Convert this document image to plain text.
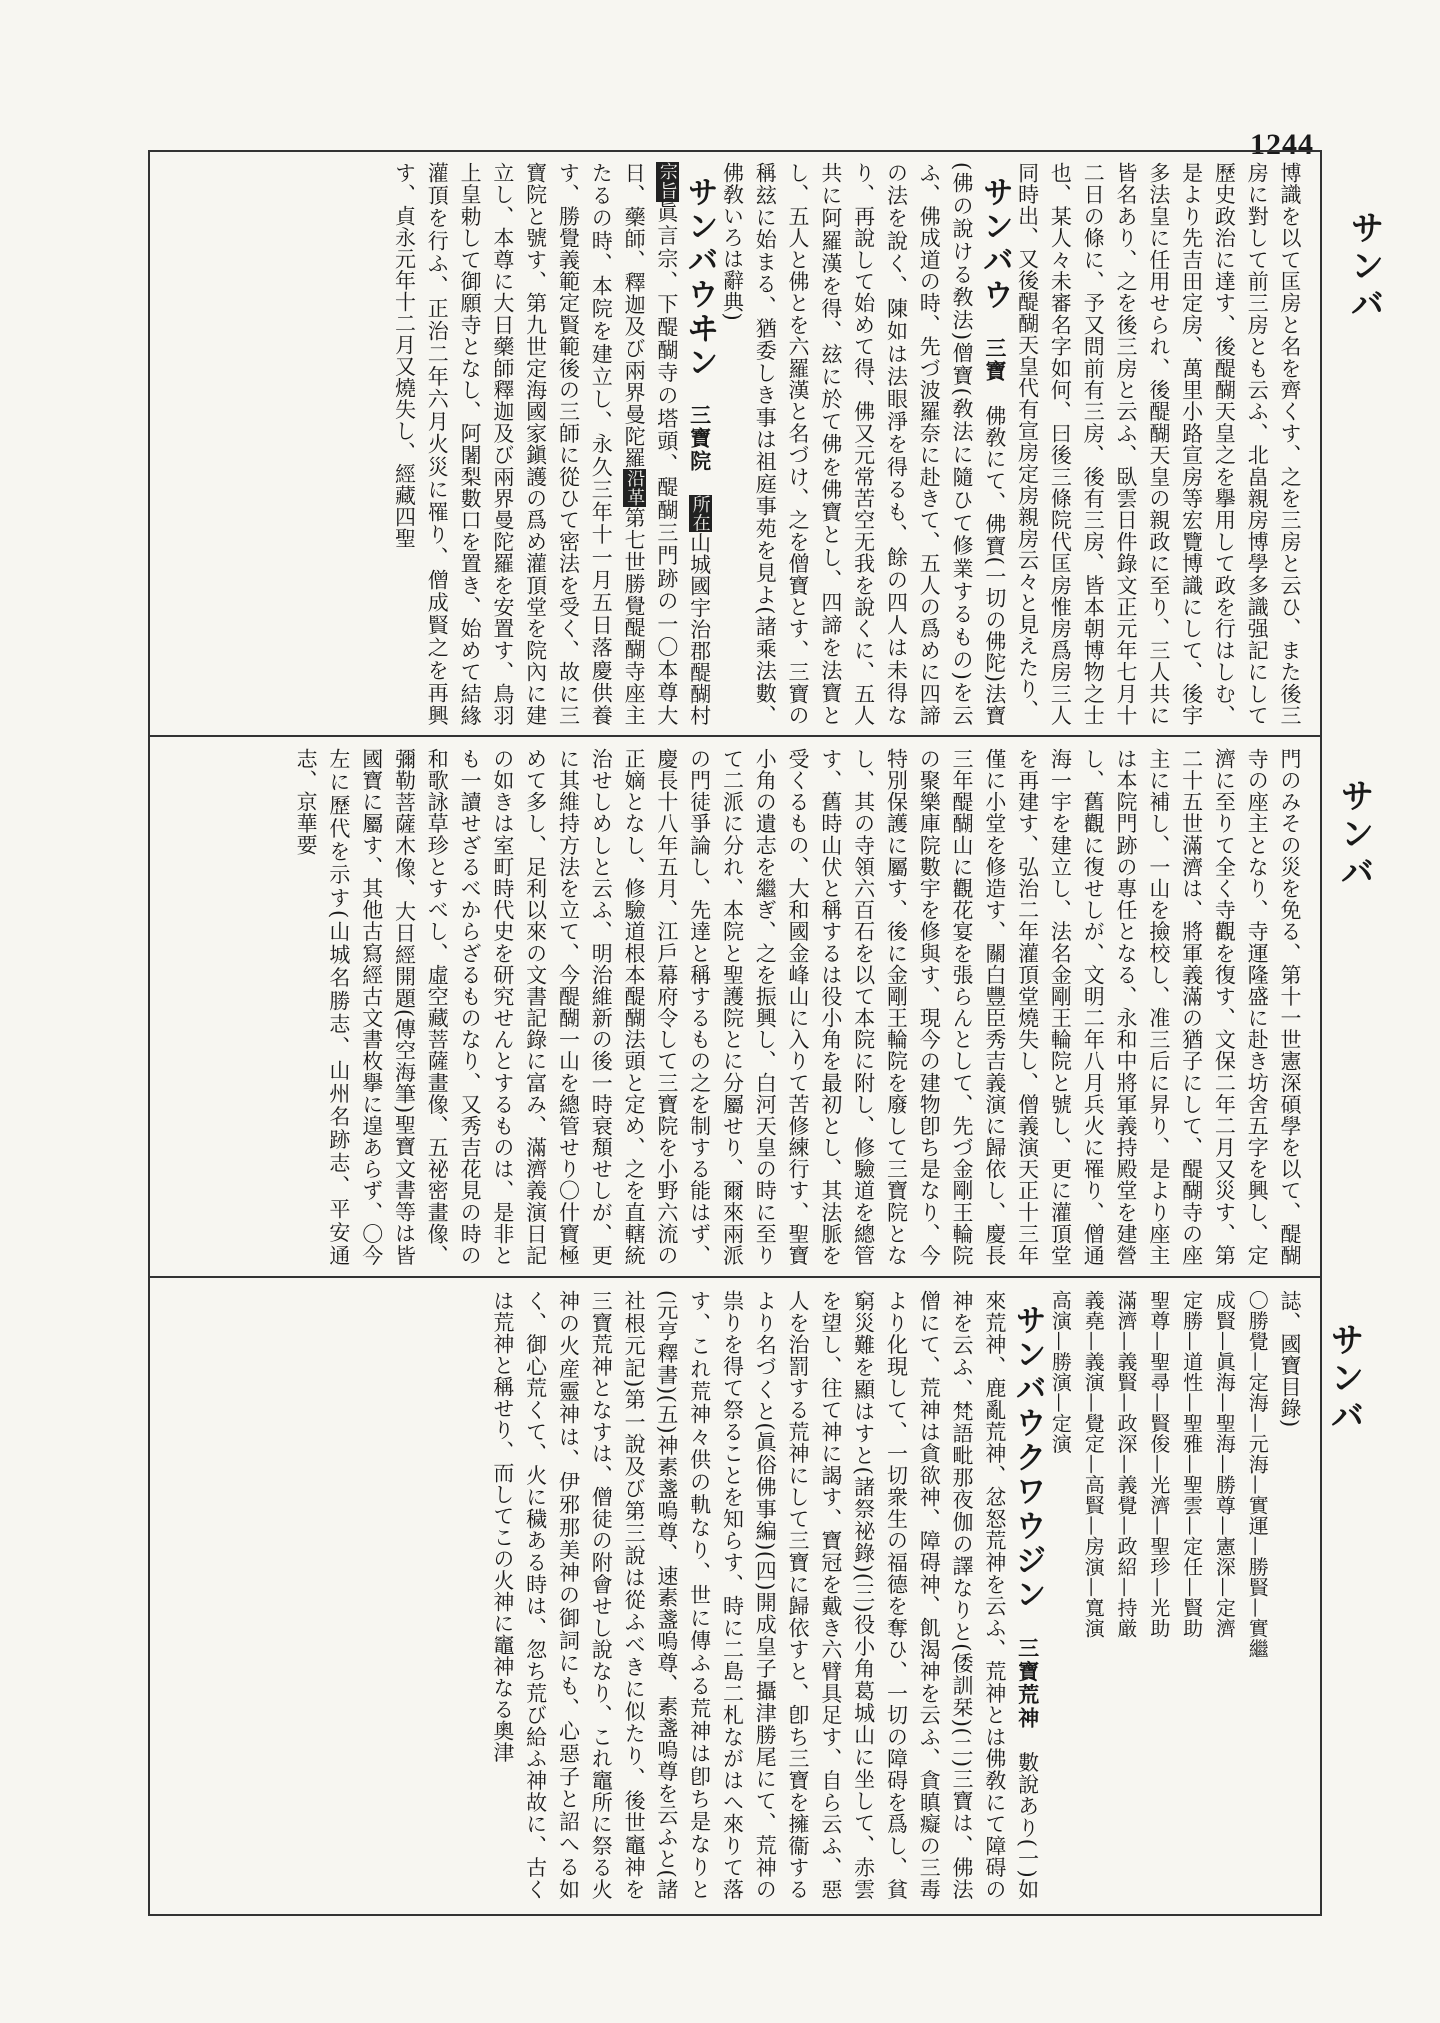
1244
サンバ
サンバ
サンバ

博識を以て匡房と名を齊くす、之を三房と云ひ、また後三房に對して前三房とも云ふ、北畠親房博學多識强記にして歷史政治に達す、後醍醐天皇之を擧用して政を行はしむ、是より先吉田定房、萬里小路宣房等宏覽博識にして、後宇多法皇に任用せられ、後醍醐天皇の親政に至り、三人共に皆名あり、之を後三房と云ふ、臥雲日件錄文正元年七月十二日の條に、予又問前有三房、後有三房、皆本朝博物之士也、某人々未審名字如何、曰後三條院代匡房惟房爲房三人同時出、又後醍醐天皇代有宣房定房親房云々と見えたり、

サンバウ三寶　佛敎にて、佛寶(一切の佛陀)法寶(佛の說ける敎法)僧寶(敎法に隨ひて修業するもの)を云ふ、佛成道の時、先づ波羅奈に赴きて、五人の爲めに四諦の法を說く、陳如は法眼淨を得るも、餘の四人は未得なり、再說して始めて得、佛又元常苦空无我を說くに、五人共に阿羅漢を得、玆に於て佛を佛寶とし、四諦を法寶とし、五人と佛とを六羅漢と名づけ、之を僧寶とす、三寶の稱玆に始まる、猶委しき事は祖庭事苑を見よ(諸乘法數、佛敎いろは辭典)

サンバウヰン三寶院　所在山城國宇治郡醍醐村宗旨眞言宗、下醍醐寺の塔頭、醍醐三門跡の一〇本尊大日、藥師、釋迦及び兩界曼陀羅沿革第七世勝覺醍醐寺座主たるの時、本院を建立し、永久三年十一月五日落慶供養す、勝覺義範定賢範後の三師に從ひて密法を受く、故に三寶院と號す、第九世定海國家鎭護の爲め灌頂堂を院內に建立し、本尊に大日藥師釋迦及び兩界曼陀羅を安置す、鳥羽上皇勅して御願寺となし、阿闍梨數口を置き、始めて結緣灌頂を行ふ、正治二年六月火災に罹り、僧成賢之を再興す、貞永元年十二月又燒失し、經藏四聖

門のみその災を免る、第十一世憲深碩學を以て、醍醐寺の座主となり、寺運隆盛に赴き坊舍五字を興し、定濟に至りて全く寺觀を復す、文保二年二月又災す、第二十五世滿濟は、將軍義滿の猶子にして、醍醐寺の座主に補し、一山を撿校し、准三后に昇り、是より座主は本院門跡の專任となる、永和中將軍義持殿堂を建營し、舊觀に復せしが、文明二年八月兵火に罹り、僧通海一宇を建立し、法名金剛王輪院と號し、更に灌頂堂を再建す、弘治二年灌頂堂燒失し、僧義演天正十三年僅に小堂を修造す、關白豐臣秀吉義演に歸依し、慶長三年醍醐山に觀花宴を張らんとして、先づ金剛王輪院の聚樂庫院數宇を修與す、現今の建物卽ち是なり、今特別保護に屬す、後に金剛王輪院を廢して三寶院となし、其の寺領六百石を以て本院に附し、修驗道を總管す、舊時山伏と稱するは役小角を最初とし、其法脈を受くるもの、大和國金峰山に入りて苦修練行す、聖寶小角の遺志を繼ぎ、之を振興し、白河天皇の時に至りて二派に分れ、本院と聖護院とに分屬せり、爾來兩派の門徒爭論し、先達と稱するもの之を制する能はず、慶長十八年五月、江戶幕府令して三寶院を小野六流の正嫡となし、修驗道根本醍醐法頭と定め、之を直轄統治せしめしと云ふ、明治維新の後一時衰頽せしが、更に其維持方法を立て、今醍醐一山を總管せり〇什寶極めて多し、足利以來の文書記錄に富み、滿濟義演日記の如きは室町時代史を研究せんとするものは、是非とも一讀せざるべからざるものなり、又秀吉花見の時の和歌詠草珍とすべし、虛空藏菩薩畫像、五祕密畫像、彌勒菩薩木像、大日經開題(傳空海筆)聖寶文書等は皆國寶に屬す、其他古寫經古文書枚擧に遑あらず、〇今左に歷代を示す(山城名勝志、山州名跡志、平安通志、京華要

誌、國寶目錄)

〇勝覺—定海—元海—實運—勝賢—實繼
成賢—眞海—聖海—勝尊—憲深—定濟
定勝—道性—聖雅—聖雲—定任—賢助
聖尊—聖尋—賢俊—光濟—聖珍—光助
滿濟—義賢—政深—義覺—政紹—持厳
義堯—義演—覺定—高賢—房演—寬演
高演—勝演—定演

サンバウクワウジン三寶荒神　數說あり(一)如來荒神、鹿亂荒神、忿怒荒神を云ふ、荒神とは佛敎にて障碍の神を云ふ、梵語毗那夜伽の譯なりと(倭訓栞)(二)三寶は、佛法僧にて、荒神は貪欲神、障碍神、飢渴神を云ふ、貪瞋癡の三毒より化現して、一切衆生の福德を奪ひ、一切の障碍を爲し、貧窮災難を顯はすと(諸祭祕錄)(三)役小角葛城山に坐して、赤雲を望し、往て神に謁す、寶冠を戴き六臂具足す、自ら云ふ、惡人を治罰する荒神にして三寶に歸依すと、卽ち三寶を擁衞するより名づくと(眞俗佛事編)(四)開成皇子攝津勝尾にて、荒神の祟りを得て祭ることを知らす、時に二島二札ながはへ來りて落す、これ荒神々供の軌なり、世に傳ふる荒神は卽ち是なりと(元亨釋書)(五)神素盞嗚尊、速素盞嗚尊、素盞嗚尊を云ふと(諸社根元記)第一說及び第三說は從ふべきに似たり、後世竈神を三寶荒神となすは、僧徒の附會せし說なり、これ竈所に祭る火神の火産靈神は、伊邪那美神の御詞にも、心惡子と詔へる如く、御心荒くて、火に穢ある時は、忽ち荒び給ふ神故に、古くは荒神と稱せり、而してこの火神に竈神なる奧津
